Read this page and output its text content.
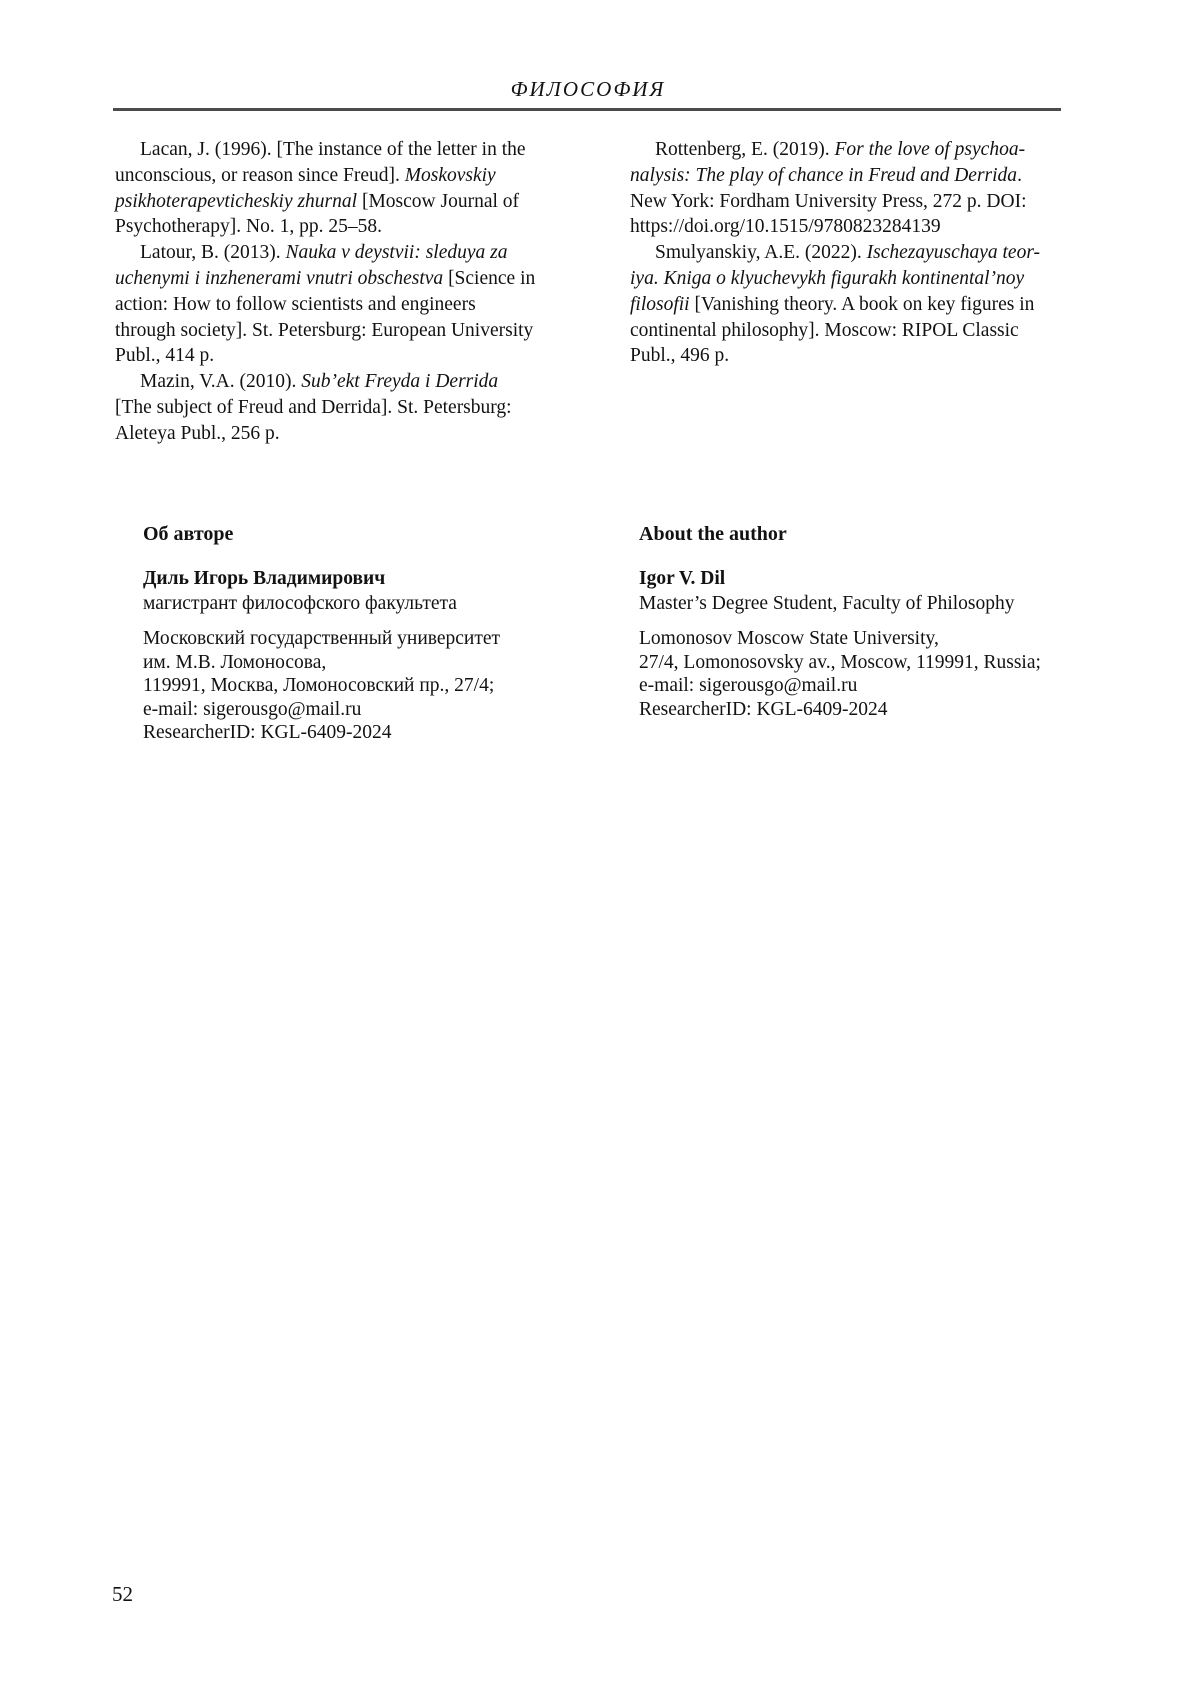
ФИЛОСОФИЯ
Lacan, J. (1996). [The instance of the letter in the
unconscious, or reason since Freud]. Moskovskiy
psikhoterapevticheskiy zhurnal [Moscow Journal of
Psychotherapy]. No. 1, pp. 25–58.
Latour, B. (2013). Nauka v deystvii: sleduya za
uchenymi i inzhenerami vnutri obschestva [Science in
action: How to follow scientists and engineers
through society]. St. Petersburg: European University
Publ., 414 p.
Mazin, V.A. (2010). Sub’ekt Freyda i Derrida
[The subject of Freud and Derrida]. St. Petersburg:
Aleteya Publ., 256 p.
Rottenberg, E. (2019). For the love of psychoa-
nalysis: The play of chance in Freud and Derrida.
New York: Fordham University Press, 272 p. DOI:
https://doi.org/10.1515/9780823284139
Smulyanskiy, A.E. (2022). Ischezayuschaya teor-
iya. Kniga o klyuchevykh figurakh kontinental’noy
filosofii [Vanishing theory. A book on key figures in
continental philosophy]. Moscow: RIPOL Classic
Publ., 496 p.
Об авторе
Диль Игорь Владимирович
магистрант философского факультета
Московский государственный университет
им. М.В. Ломоносова,
119991, Москва, Ломоносовский пр., 27/4;
e-mail: sigerousgo@mail.ru
ResearcherID: KGL-6409-2024
About the author
Igor V. Dil
Master’s Degree Student, Faculty of Philosophy
Lomonosov Moscow State University,
27/4, Lomonosovsky av., Moscow, 119991, Russia;
e-mail: sigerousgo@mail.ru
ResearcherID: KGL-6409-2024
52
